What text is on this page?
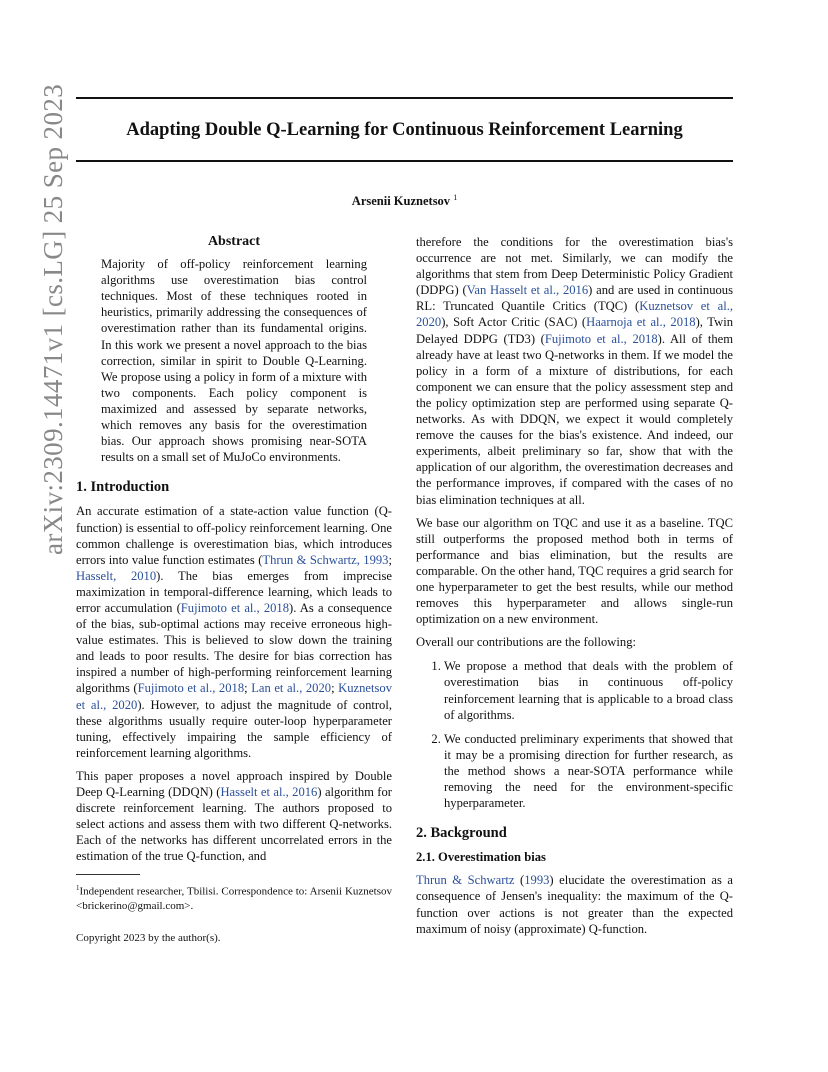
Adapting Double Q-Learning for Continuous Reinforcement Learning
Arsenii Kuznetsov $^1$
arXiv:2309.14471v1 [cs.LG] 25 Sep 2023	Abstract

Majority of off-policy reinforcement learning algorithms use overestimation bias control techniques. Most of these techniques rooted in heuristics, primarily addressing the consequences of overestimation rather than its fundamental origins. In this work we present a novel approach to the bias correction, similar in spirit to Double Q-Learning. We propose using a policy in form of a mixture with two components. Each policy component is maximized and assessed by separate networks, which removes any basis for the overestimation bias. Our approach shows promising near-SOTA results on a small set of MuJoCo environments.

1. Introduction

An accurate estimation of a state-action value function (Q-function) is essential to off-policy reinforcement learning. One common challenge is overestimation bias, which introduces errors into value function estimates (Thrun & Schwartz, 1993; Hasselt, 2010). The bias emerges from imprecise maximization in temporal-difference learning, which leads to error accumulation (Fujimoto et al., 2018). As a consequence of the bias, sub-optimal actions may receive erroneous high-value estimates. This is believed to slow down the training and leads to poor results. The desire for bias correction has inspired a number of high-performing reinforcement learning algorithms (Fujimoto et al., 2018; Lan et al., 2020; Kuznetsov et al., 2020). However, to adjust the magnitude of control, these algorithms usually require outer-loop hyperparameter tuning, effectively impairing the sample efficiency of reinforcement learning algorithms.

This paper proposes a novel approach inspired by Double Deep Q-Learning (DDQN) (Hasselt et al., 2016) algorithm for discrete reinforcement learning. The authors proposed to select actions and assess them with two different Q-networks. Each of the networks has different uncorrelated errors in the estimation of the true Q-function, and

$^1$Independent researcher, Tbilisi. Correspondence to: Arsenii Kuznetsov <brickerino@gmail.com>.

Copyright 2023 by the author(s).

therefore the conditions for the overestimation bias's occurrence are not met. Similarly, we can modify the algorithms that stem from Deep Deterministic Policy Gradient (DDPG) (Van Hasselt et al., 2016) and are used in continuous RL: Truncated Quantile Critics (TQC) (Kuznetsov et al., 2020), Soft Actor Critic (SAC) (Haarnoja et al., 2018), Twin Delayed DDPG (TD3) (Fujimoto et al., 2018). All of them already have at least two Q-networks in them. If we model the policy in a form of a mixture of distributions, for each component we can ensure that the policy assessment step and the policy optimization step are performed using separate Q-networks. As with DDQN, we expect it would completely remove the causes for the bias's existence. And indeed, our experiments, albeit preliminary so far, show that with the application of our algorithm, the overestimation decreases and the performance improves, if compared with the cases of no bias elimination techniques at all.

We base our algorithm on TQC and use it as a baseline. TQC still outperforms the proposed method both in terms of performance and bias elimination, but the results are comparable. On the other hand, TQC requires a grid search for one hyperparameter to get the best results, while our method removes this hyperparameter and allows single-run optimization on a new environment.

Overall our contributions are the following:

1. We propose a method that deals with the problem of overestimation bias in continuous off-policy reinforcement learning that is applicable to a broad class of algorithms.
2. We conducted preliminary experiments that showed that it may be a promising direction for further research, as the method shows a near-SOTA performance while removing the need for the environment-specific hyperparameter.
2. Background
2.1. Overestimation bias

Thrun & Schwartz (1993) elucidate the overestimation as a consequence of Jensen's inequality: the maximum of the Q-function over actions is not greater than the expected maximum of noisy (approximate) Q-function.
